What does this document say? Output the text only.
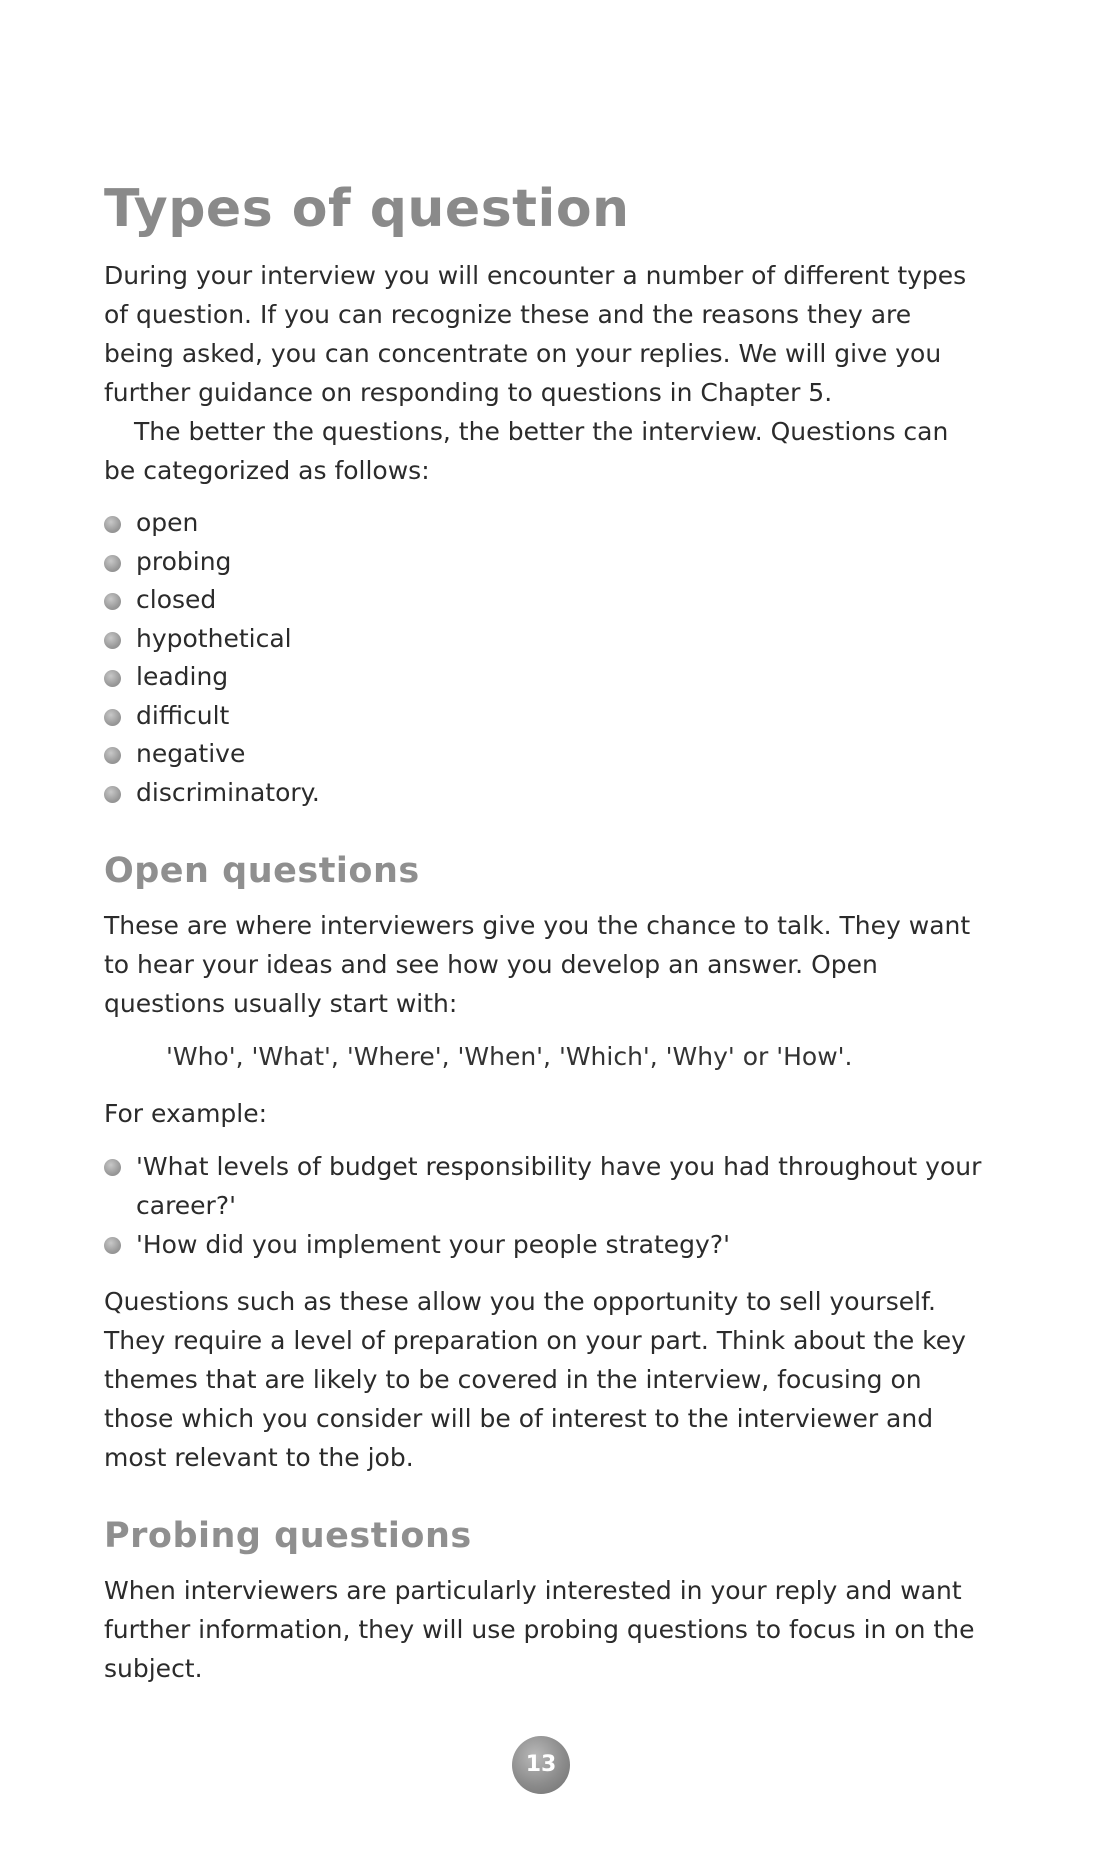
Types of question

During your interview you will encounter a number of different types of question. If you can recognize these and the reasons they are being asked, you can concentrate on your replies. We will give you further guidance on responding to questions in Chapter 5.

The better the questions, the better the interview. Questions can be categorized as follows:

open
probing
closed
hypothetical
leading
difficult
negative
discriminatory.
Open questions

These are where interviewers give you the chance to talk. They want to hear your ideas and see how you develop an answer. Open questions usually start with:

'Who', 'What', 'Where', 'When', 'Which', 'Why' or 'How'.

For example:

'What levels of budget responsibility have you had throughout your career?'
'How did you implement your people strategy?'

Questions such as these allow you the opportunity to sell yourself. They require a level of preparation on your part. Think about the key themes that are likely to be covered in the interview, focusing on those which you consider will be of interest to the interviewer and most relevant to the job.

Probing questions

When interviewers are particularly interested in your reply and want further information, they will use probing questions to focus in on the subject.

13
